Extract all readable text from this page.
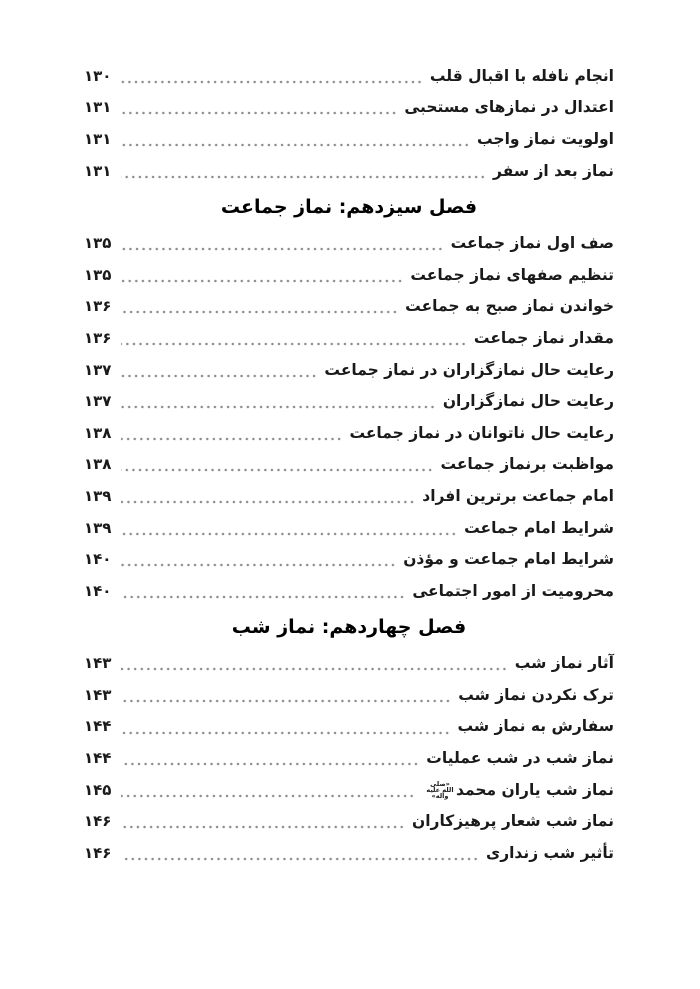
انجام نافله با اقبال قلب
۱۳۰
اعتدال در نمازهای مستحبی
۱۳۱
اولویت نماز واجب
۱۳۱
نماز بعد از سفر
۱۳۱
فصل سیزدهم: نماز جماعت
صف اول نماز جماعت
۱۳۵
تنظیم صفهای نماز جماعت
۱۳۵
خواندن نماز صبح به جماعت
۱۳۶
مقدار نماز جماعت
۱۳۶
رعایت حال نمازگزاران در نماز جماعت
۱۳۷
رعایت حال نمازگزاران
۱۳۷
رعایت حال ناتوانان در نماز جماعت
۱۳۸
مواظبت برنماز جماعت
۱۳۸
امام جماعت برترین افراد
۱۳۹
شرایط امام جماعت
۱۳۹
شرایط امام جماعت و مؤذن
۱۴۰
محرومیت از امور اجتماعی
۱۴۰
فصل چهاردهم: نماز شب
آثار نماز شب
۱۴۳
ترک نکردن نماز شب
۱۴۳
سفارش به نماز شب
۱۴۴
نماز شب در شب عملیات
۱۴۴
نماز شب یاران محمد
«صلی الله علیه وآله»
۱۴۵
نماز شب شعار پرهیزکاران
۱۴۶
تأثیر شب زنداری
۱۴۶
